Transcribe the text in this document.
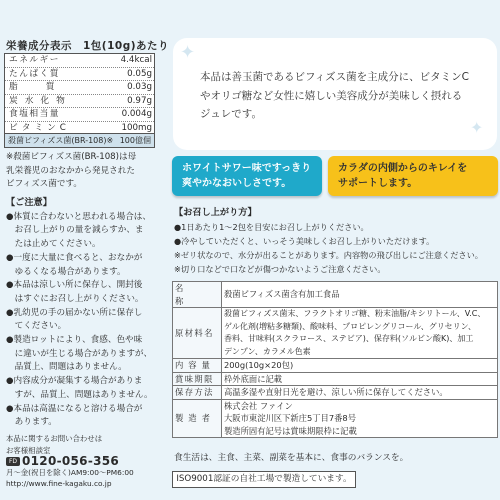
栄養成分表示　1包(10g)あたり
エネルギー	4.4kcal
たんぱく質	0.05g
脂質	0.03g
炭水化物	0.97g
食塩相当量	0.004g
ビタミンC	100mg
殺菌ビフィズス菌(BR-108)※ 100億個
※殺菌ビフィズス菌(BR-108)は母
乳栄養児のおなかから発見された
ビフィズス菌です。
【ご注意】
●体質に合わないと思われる場合は、
　お召し上がりの量を減らすか、ま
　たは止めてください。
●一度に大量に食べると、おなかが
　ゆるくなる場合があります。
●本品は涼しい所に保存し、開封後
　はすぐにお召し上がりください。
●乳幼児の手の届かない所に保存し
　てください。
●製造ロットにより、食感、色や味
　に違いが生じる場合がありますが、
　品質上、問題はありません。
●内容成分が凝集する場合がありま
　すが、品質上、問題はありません。
●本品は高温になると溶ける場合が
　あります。
本品に関するお問い合わせは
お客様相談室
FD 0120-056-356
月～金(祝日を除く)AM9:00～PM6:00
http://www.fine-kagaku.co.jp
✦
✦
本品は善玉菌であるビフィズス菌を主成分に、ビタミンC
やオリゴ糖など女性に嬉しい美容成分が美味しく摂れる
ジュレです。
ホワイトサワー味ですっきり
爽やかなおいしさです。
カラダの内側からのキレイを
サポートします。
【お召し上がり方】
●1日あたり1～2包を目安にお召し上がりください。
●冷やしていただくと、いっそう美味しくお召し上がりいただけます。
※ゼリ状なので、水分が出ることがあります。内容物の飛び出しにご注意ください。
※切り口などで口などが傷つかないようご注意ください。
名称	殺菌ビフィズス菌含有加工食品

原材料名	殺菌ビフィズス菌末、フラクトオリゴ糖、粉末油脂/キシリトール、V.C、
ゲル化剤(増粘多糖類)、酸味料、プロピレングリコール、グリセリン、
香料、甘味料(スクラロース、ステビア)、保存料(ソルビン酸K)、加工
デンプン、カラメル色素

内容量	200g(10g×20包)

賞味期限	枠外底面に記載

保存方法	高温多湿や直射日光を避け、涼しい所に保存してください。

製造者	株式会社 ファイン
大阪市東淀川区下新庄5丁目7番8号
製造所固有記号は賞味期限枠に記載
食生活は、主食、主菜、副菜を基本に、食事のバランスを。
ISO9001認証の自社工場で製造しています。
